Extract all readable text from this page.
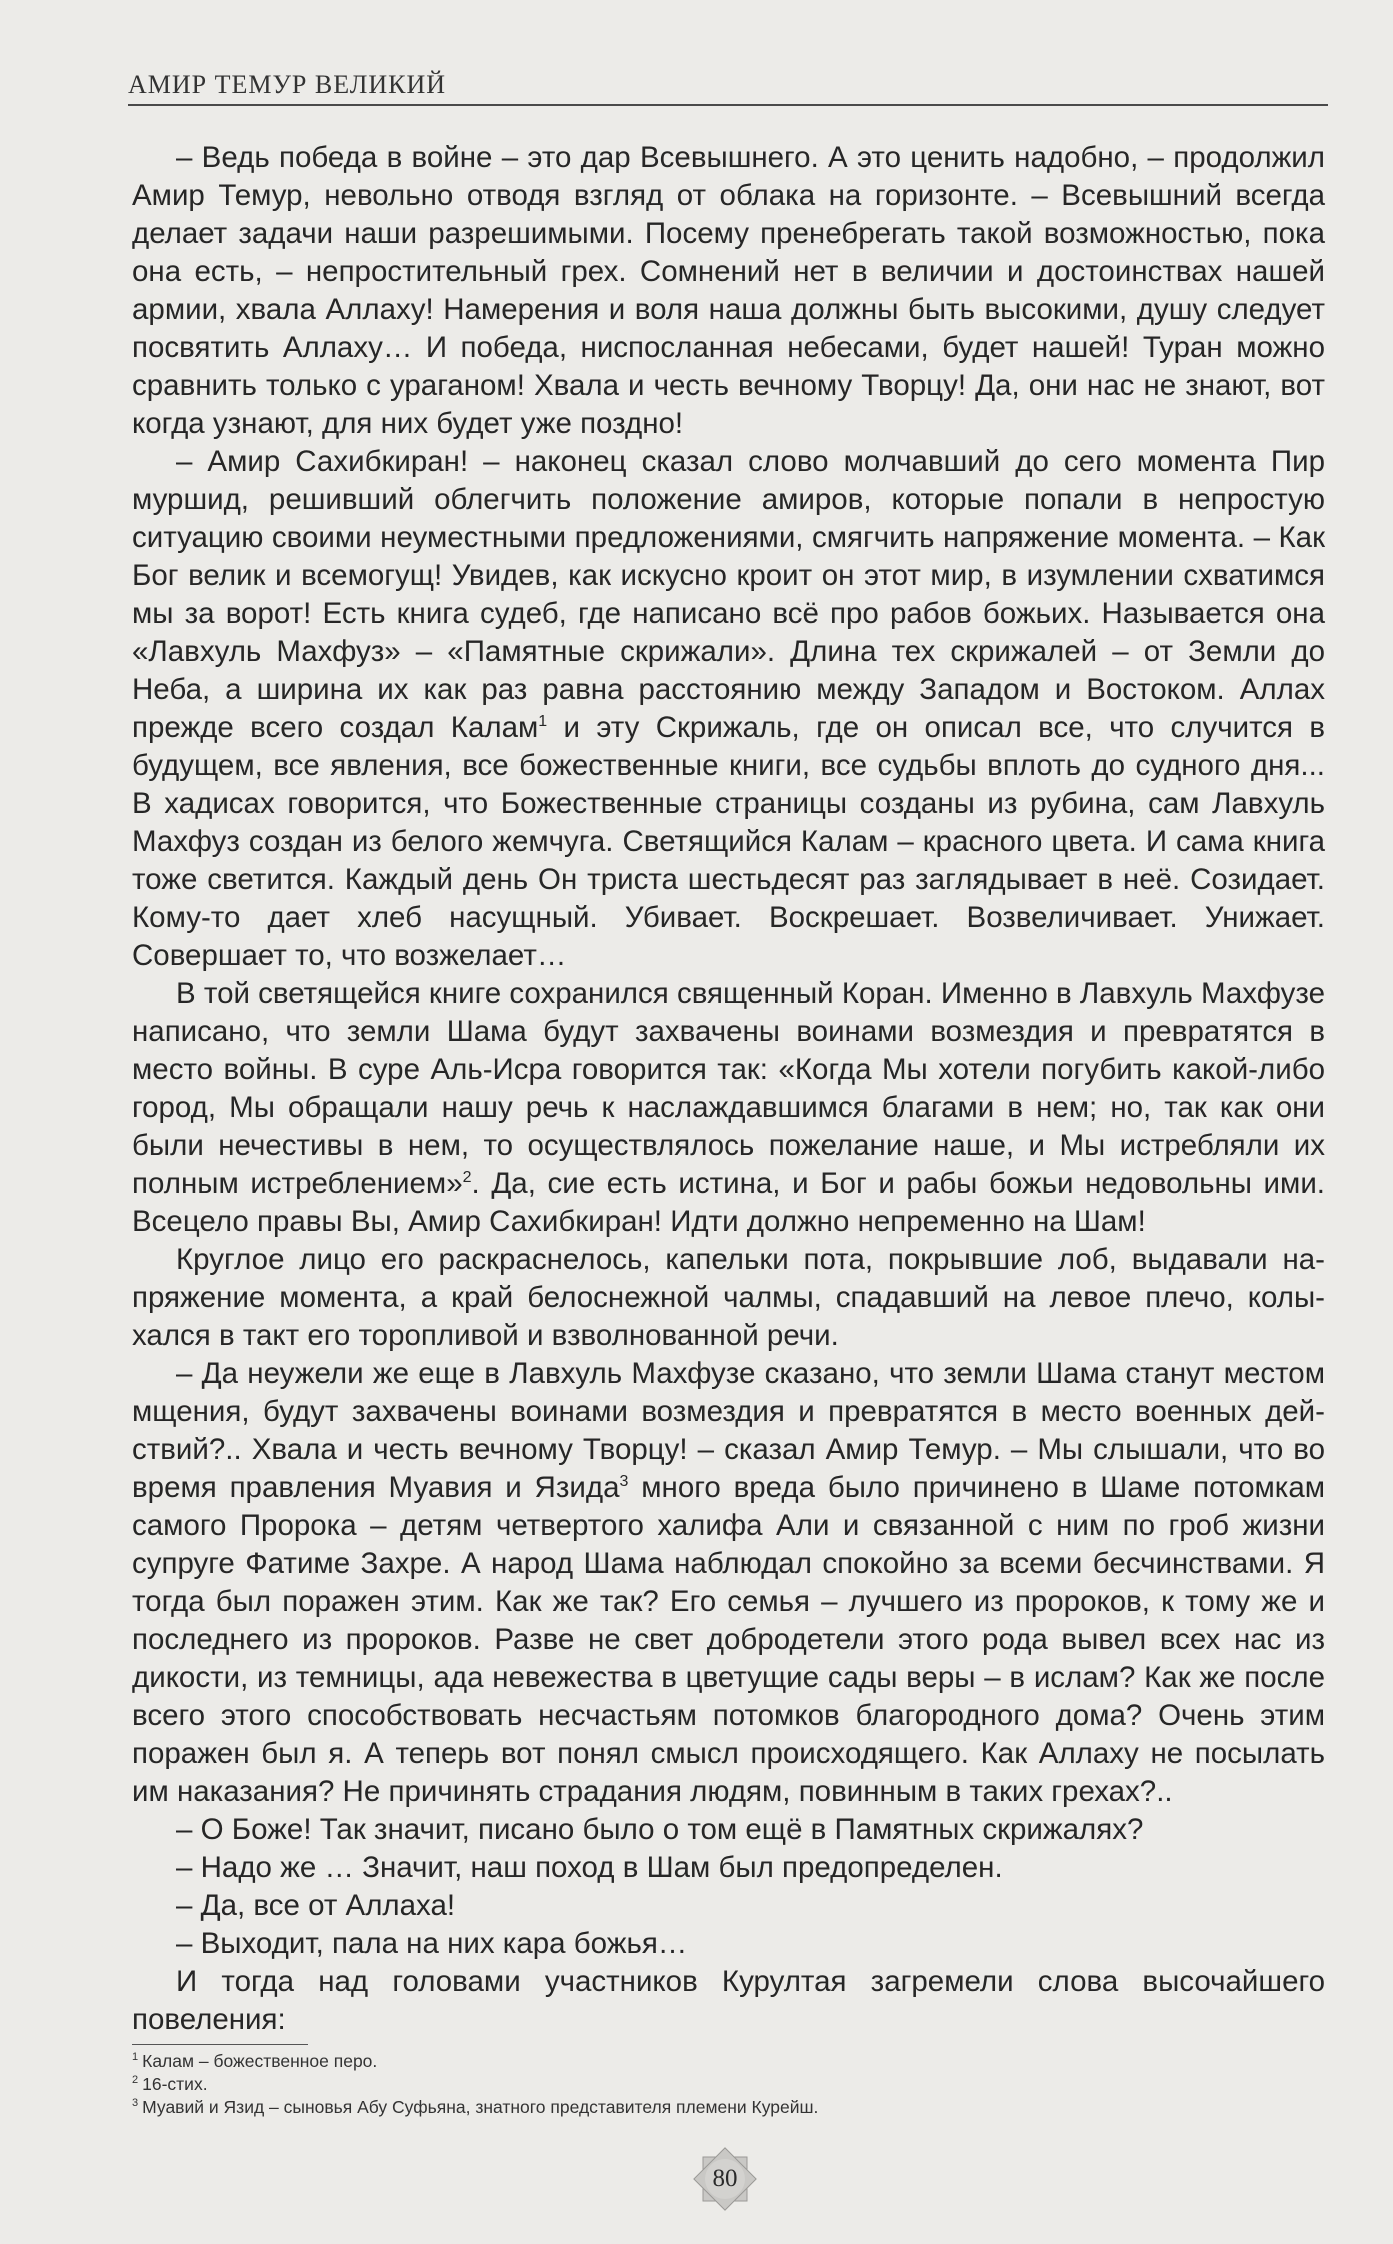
АМИР ТЕМУР ВЕЛИКИЙ

– Ведь победа в войне – это дар Всевышнего. А это ценить надобно, – продолжил Амир Темур, невольно отводя взгляд от облака на горизонте. – Всевышний всегда делает задачи наши разрешимыми. Посему пренебрегать такой возможностью, пока она есть, – непростительный грех. Сомнений нет в величии и достоинствах нашей армии, хвала Аллаху! Намерения и воля наша должны быть высокими, душу следует посвятить Аллаху… И победа, ниспосланная небесами, будет нашей! Туран можно сравнить только с ураганом! Хвала и честь вечному Творцу! Да, они нас не знают, вот когда узнают, для них будет уже поздно!

– Амир Сахибкиран! – наконец сказал слово молчавший до сего момента Пир муршид, решивший облегчить положение амиров, которые попали в непростую ситуацию своими неуместными предложениями, смягчить напряжение момента. – Как Бог велик и всемогущ! Увидев, как искусно кроит он этот мир, в изумлении схватимся мы за ворот! Есть книга судеб, где написано всё про рабов божьих. Называется она «Лавхуль Махфуз» – «Памятные скрижали». Длина тех скрижалей – от Земли до Неба, а ширина их как раз равна расстоянию между Западом и Востоком. Аллах прежде всего создал Калам$^1$ и эту Скрижаль, где он описал все, что случится в будущем, все явления, все божественные книги, все судьбы вплоть до судного дня... В хадисах говорится, что Божественные страницы созданы из рубина, сам Лавхуль Махфуз создан из белого жемчуга. Светящийся Калам – красного цвета. И сама книга тоже светится. Каждый день Он триста шестьдесят раз заглядывает в неё. Созидает. Кому-то дает хлеб насущный. Убивает. Воскрешает. Возвеличивает. Унижает. Совершает то, что возжелает…

В той светящейся книге сохранился священный Коран. Именно в Лавхуль Махфузе написано, что земли Шама будут захвачены воинами возмездия и превратятся в место войны. В суре Аль-Исра говорится так: «Когда Мы хотели погубить какой-либо город, Мы обращали нашу речь к наслаждавшимся благами в нем; но, так как они были нечестивы в нем, то осуществлялось пожелание наше, и Мы истребляли их полным истреблением»$^2$. Да, сие есть истина, и Бог и рабы божьи недовольны ими. Всецело правы Вы, Амир Сахибкиран! Идти должно непременно на Шам!

Круглое лицо его раскраснелось, капельки пота, покрывшие лоб, выдавали напряжение момента, а край белоснежной чалмы, спадавший на левое плечо, колыхался в такт его торопливой и взволнованной речи.

– Да неужели же еще в Лавхуль Махфузе сказано, что земли Шама станут местом мщения, будут захвачены воинами возмездия и превратятся в место военных действий?.. Хвала и честь вечному Творцу! – сказал Амир Темур. – Мы слышали, что во время правления Муавия и Язида$^3$ много вреда было причинено в Шаме потомкам самого Пророка – детям четвертого халифа Али и связанной с ним по гроб жизни супруге Фатиме Захре. А народ Шама наблюдал спокойно за всеми бесчинствами. Я тогда был поражен этим. Как же так? Его семья – лучшего из пророков, к тому же и последнего из пророков. Разве не свет добродетели этого рода вывел всех нас из дикости, из темницы, ада невежества в цветущие сады веры – в ислам? Как же после всего этого способствовать несчастьям потомков благородного дома? Очень этим поражен был я. А теперь вот понял смысл происходящего. Как Аллаху не посылать им наказания? Не причинять страдания людям, повинным в таких грехах?..

– О Боже! Так значит, писано было о том ещё в Памятных скрижалях?

– Надо же … Значит, наш поход в Шам был предопределен.

– Да, все от Аллаха!

– Выходит, пала на них кара божья…

И тогда над головами участников Курултая загремели слова высочайшего повеления:

$^1$ Калам – божественное перо.
$^2$ 16-стих.
$^3$ Муавий и Язид – сыновья Абу Суфьяна, знатного представителя племени Курейш.
80
